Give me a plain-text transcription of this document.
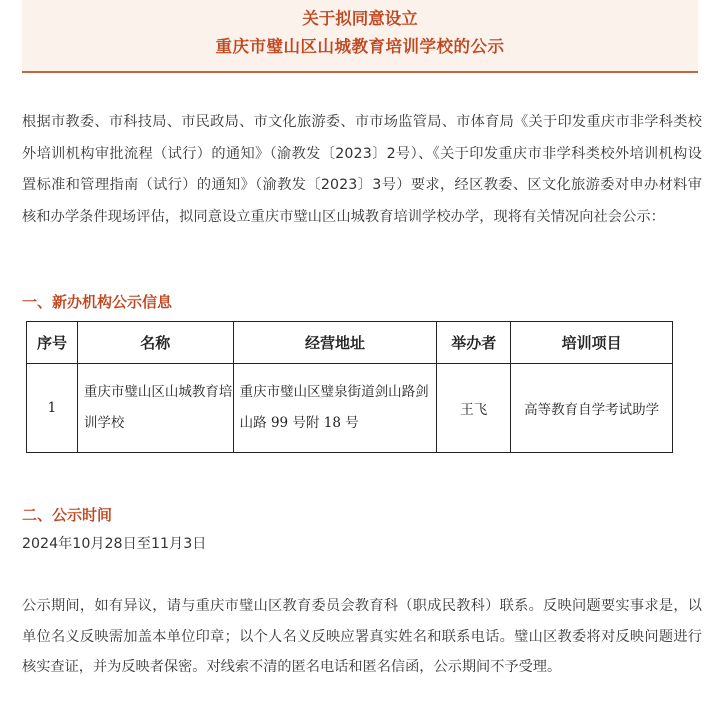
关于拟同意设立
重庆市璧山区山城教育培训学校的公示
根据市教委、市科技局、市民政局、市文化旅游委、市市场监管局、市体育局《关于印发重庆市非学科类校外培训机构审批流程（试行）的通知》（渝教发〔2023〕2号）、《关于印发重庆市非学科类校外培训机构设置标准和管理指南（试行）的通知》（渝教发〔2023〕3号）要求，经区教委、区文化旅游委对申办材料审核和办学条件现场评估，拟同意设立重庆市璧山区山城教育培训学校办学，现将有关情况向社会公示：
一、新办机构公示信息
序号	名称	经营地址	举办者	培训项目
1	重庆市璧山区山城教育培训学校	重庆市璧山区璧泉街道剑山路剑山路 99 号附 18 号	王飞	高等教育自学考试助学
二、公示时间
2024年10月28日至11月3日
公示期间，如有异议，请与重庆市璧山区教育委员会教育科（职成民教科）联系。反映问题要实事求是，以单位名义反映需加盖本单位印章；以个人名义反映应署真实姓名和联系电话。璧山区教委将对反映问题进行核实查证，并为反映者保密。对线索不清的匿名电话和匿名信函，公示期间不予受理。
